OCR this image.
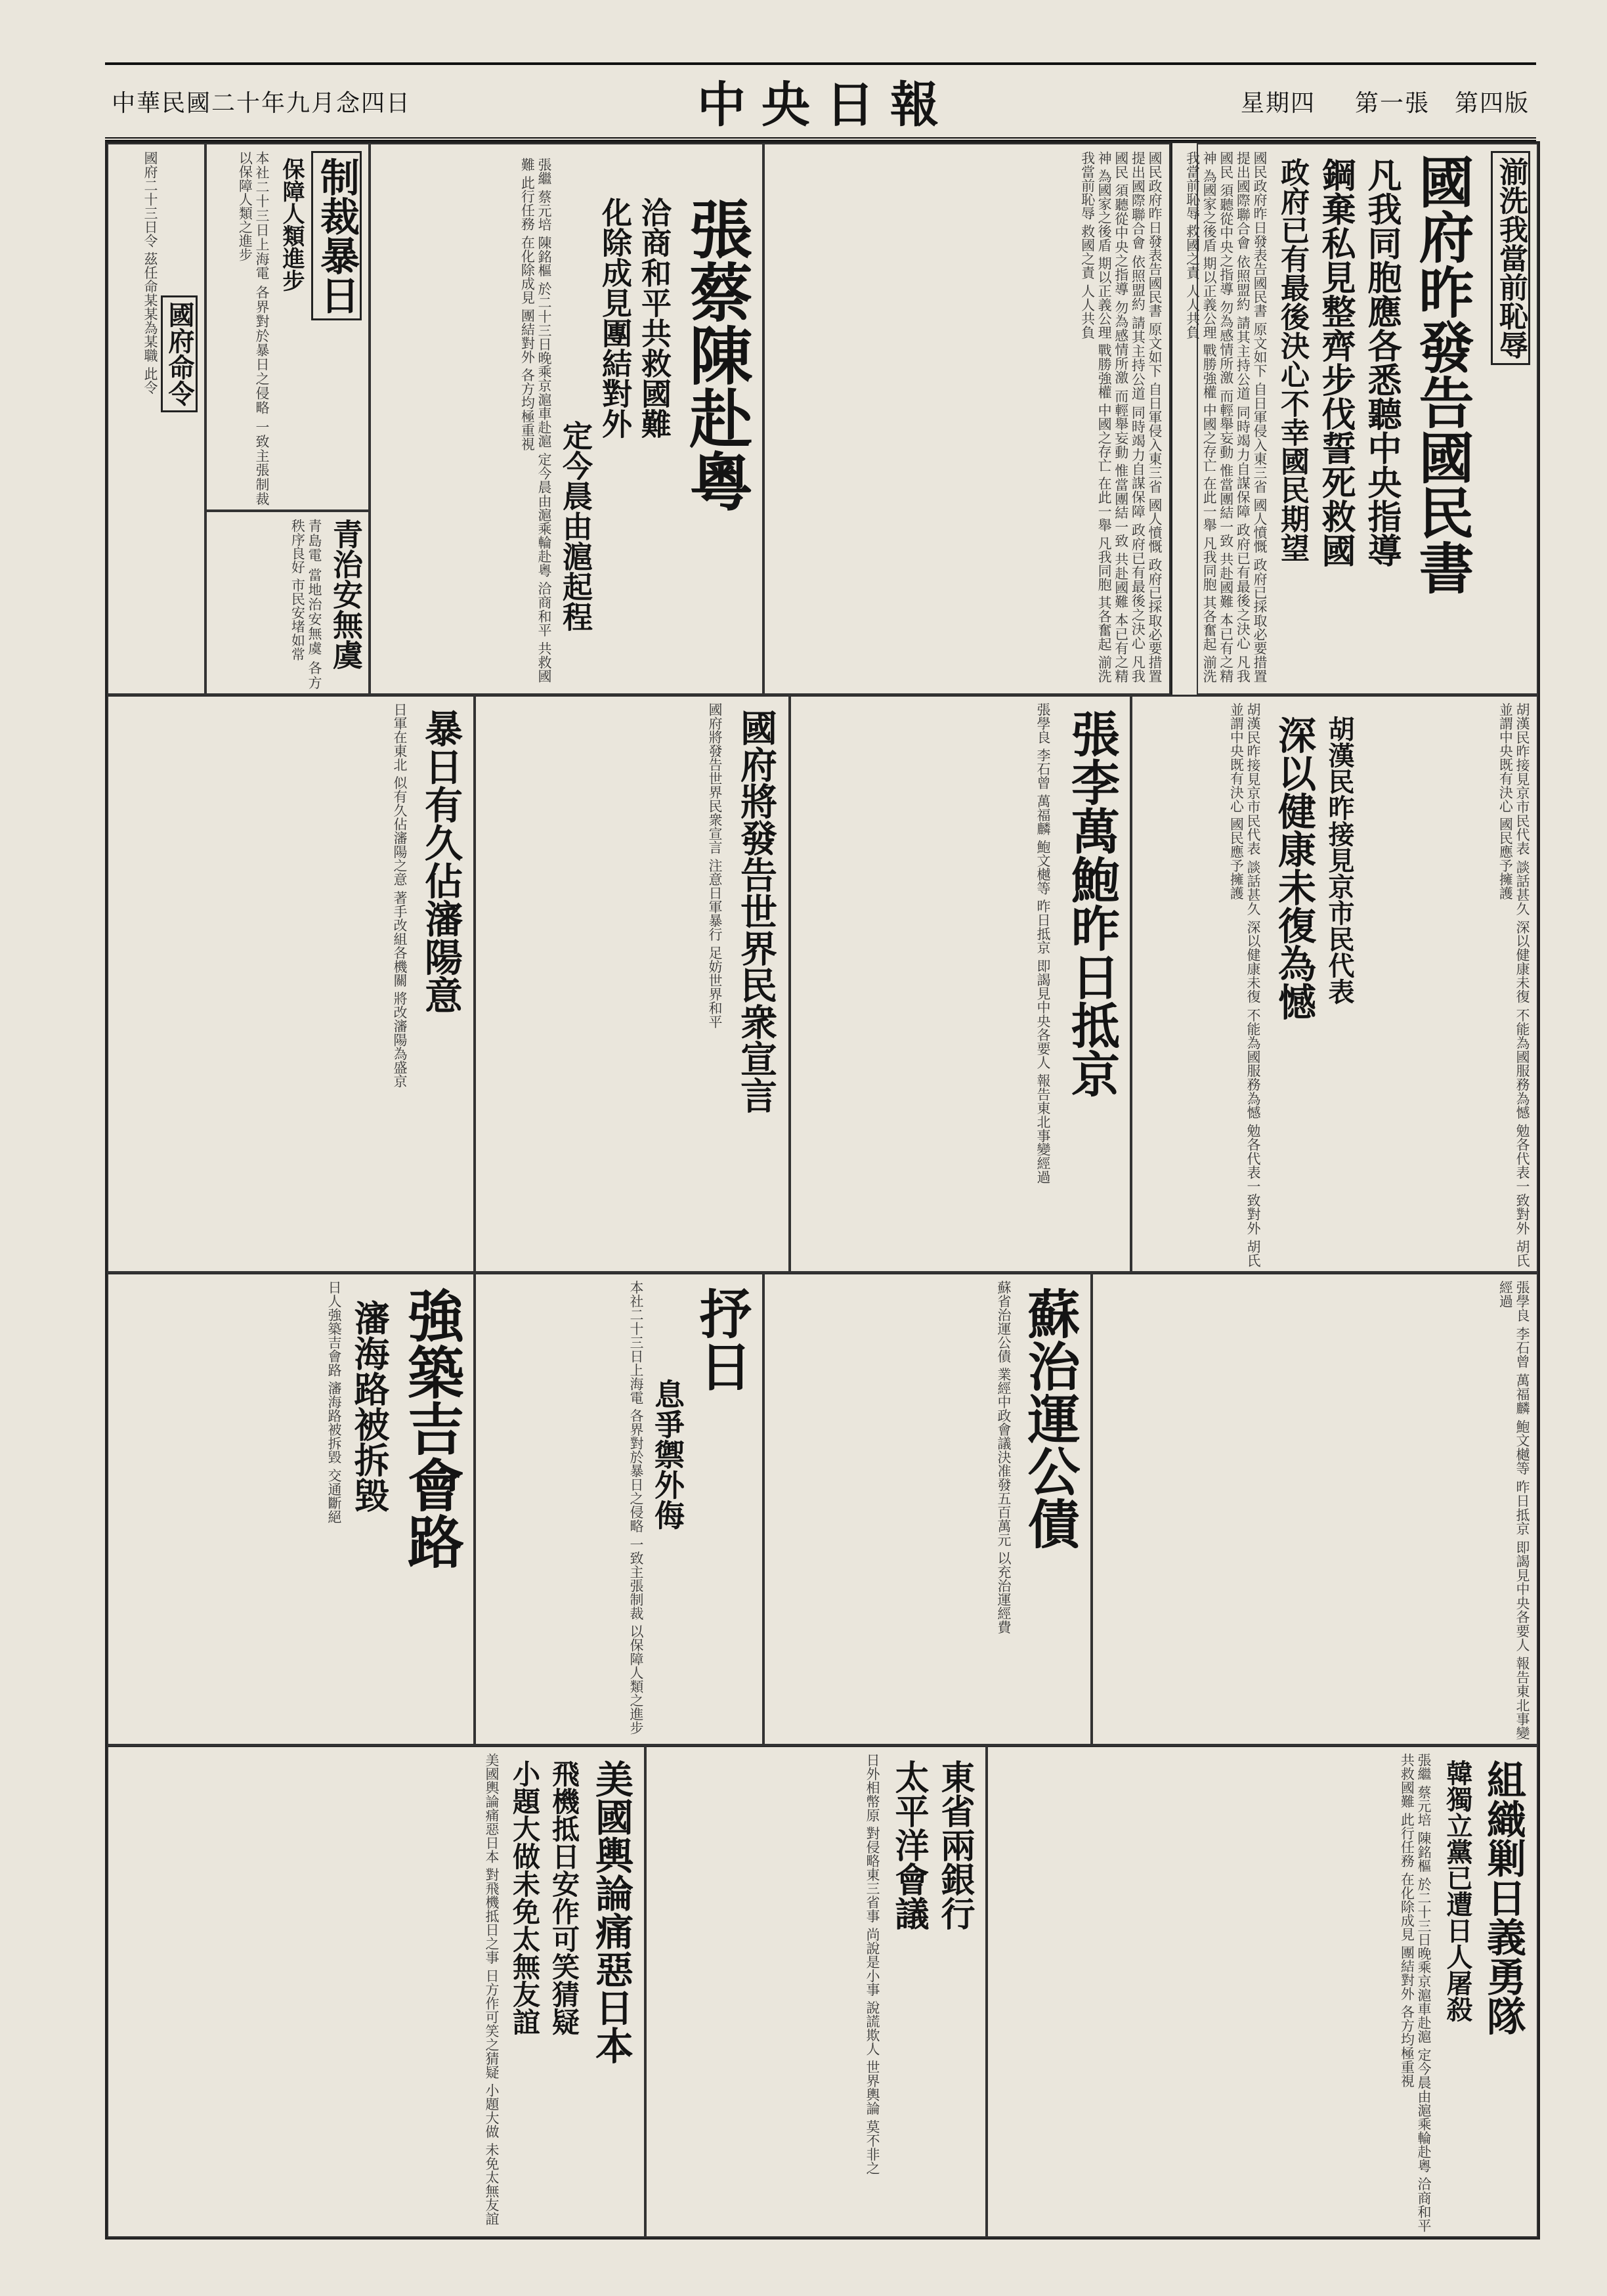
中華民國二十年九月念四日	中央日報	星期四 第一張　第四版
湔洗我當前恥辱
國府昨發告國民書
凡我同胞應各悉聽中央指導
鋼棄私見整齊步伐誓死救國
政府已有最後決心不幸國民期望
國民政府昨日發表告國民書 原文如下 自日軍侵入東三省 國人憤慨 政府已採取必要措置 提出國際聯合會 依照盟約 請其主持公道 同時竭力自謀保障 政府已有最後之決心 凡我國民 須聽從中央之指導 勿為感情所激 而輕舉妄動 惟當團結一致 共赴國難 本已有之精神 為國家之後盾 期以正義公理 戰勝強權 中國之存亡 在此一舉 凡我同胞 其各奮起 湔洗我當前恥辱 救國之責 人人共負
國民政府昨日發表告國民書 原文如下 自日軍侵入東三省 國人憤慨 政府已採取必要措置 提出國際聯合會 依照盟約 請其主持公道 同時竭力自謀保障 政府已有最後之決心 凡我國民 須聽從中央之指導 勿為感情所激 而輕舉妄動 惟當團結一致 共赴國難 本已有之精神 為國家之後盾 期以正義公理 戰勝強權 中國之存亡 在此一舉 凡我同胞 其各奮起 湔洗我當前恥辱 救國之責 人人共負
張蔡陳赴粵
洽商和平共救國難
化除成見團結對外
定今晨由滬起程
張繼 蔡元培 陳銘樞 於二十三日晚乘京滬車赴滬 定今晨由滬乘輪赴粵 洽商和平 共救國難 此行任務 在化除成見 團結對外 各方均極重視
制裁暴日
保障人類進步
本社二十三日上海電 各界對於暴日之侵略 一致主張制裁 以保障人類之進步
青治安無虞
青島電 當地治安無虞 各方秩序良好 市民安堵如常
國府命令
國府二十三日令 茲任命某某為某職 此令
胡漢民昨接見京市民代表 談話甚久 深以健康未復 不能為國服務為憾 勉各代表一致對外 胡氏並謂中央既有決心 國民應予擁護
胡漢民昨接見京市民代表
深以健康未復為憾
胡漢民昨接見京市民代表 談話甚久 深以健康未復 不能為國服務為憾 勉各代表一致對外 胡氏並謂中央既有決心 國民應予擁護
張李萬鮑昨日抵京
張學良 李石曾 萬福麟 鮑文樾等 昨日抵京 即謁見中央各要人 報告東北事變經過
國府將發告世界民衆宣言
國府將發告世界民衆宣言 注意日軍暴行 足妨世界和平
暴日有久佔瀋陽意
日軍在東北 似有久佔瀋陽之意 著手改組各機關 將改瀋陽為盛京
蘇治運公債
蘇省治運公債 業經中政會議決准發五百萬元 以充治運經費	張學良 李石曾 萬福麟 鮑文樾等 昨日抵京 即謁見中央各要人 報告東北事變經過
抒日
息爭禦外侮
本社二十三日上海電 各界對於暴日之侵略 一致主張制裁 以保障人類之進步
強築吉會路
瀋海路被拆毀
日人強築吉會路 瀋海路被拆毀 交通斷絕
組織剿日義勇隊
韓獨立黨已遭日人屠殺
張繼 蔡元培 陳銘樞 於二十三日晚乘京滬車赴滬 定今晨由滬乘輪赴粵 洽商和平 共救國難 此行任務 在化除成見 團結對外 各方均極重視
東省兩銀行
太平洋會議
日外相幣原 對侵略東三省事 尚說是小事 說謊欺人 世界輿論 莫不非之
美國輿論痛惡日本
飛機抵日安作可笑猜疑
小題大做未免太無友誼
美國輿論痛惡日本 對飛機抵日之事 日方作可笑之猜疑 小題大做 未免太無友誼
